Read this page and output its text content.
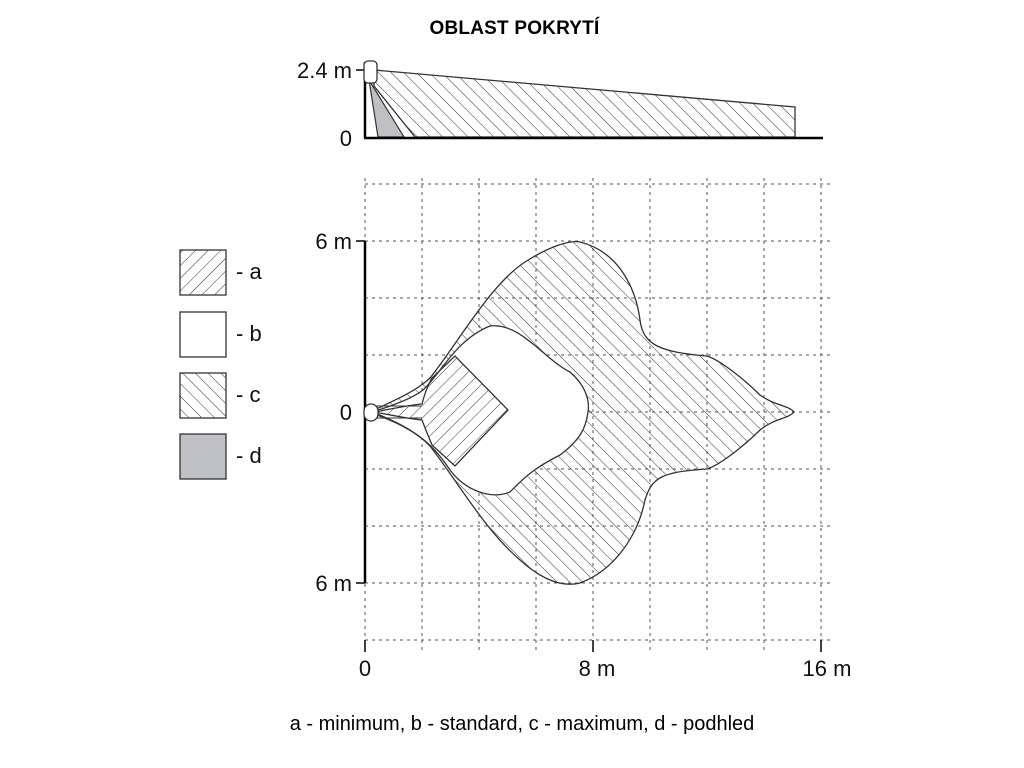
OBLAST POKRYTÍ
2.4 m
0
6 m
0
6 m
0	8 m	16 m
- a
- b
- c
- d
a - minimum, b - standard, c - maximum, d - podhled
